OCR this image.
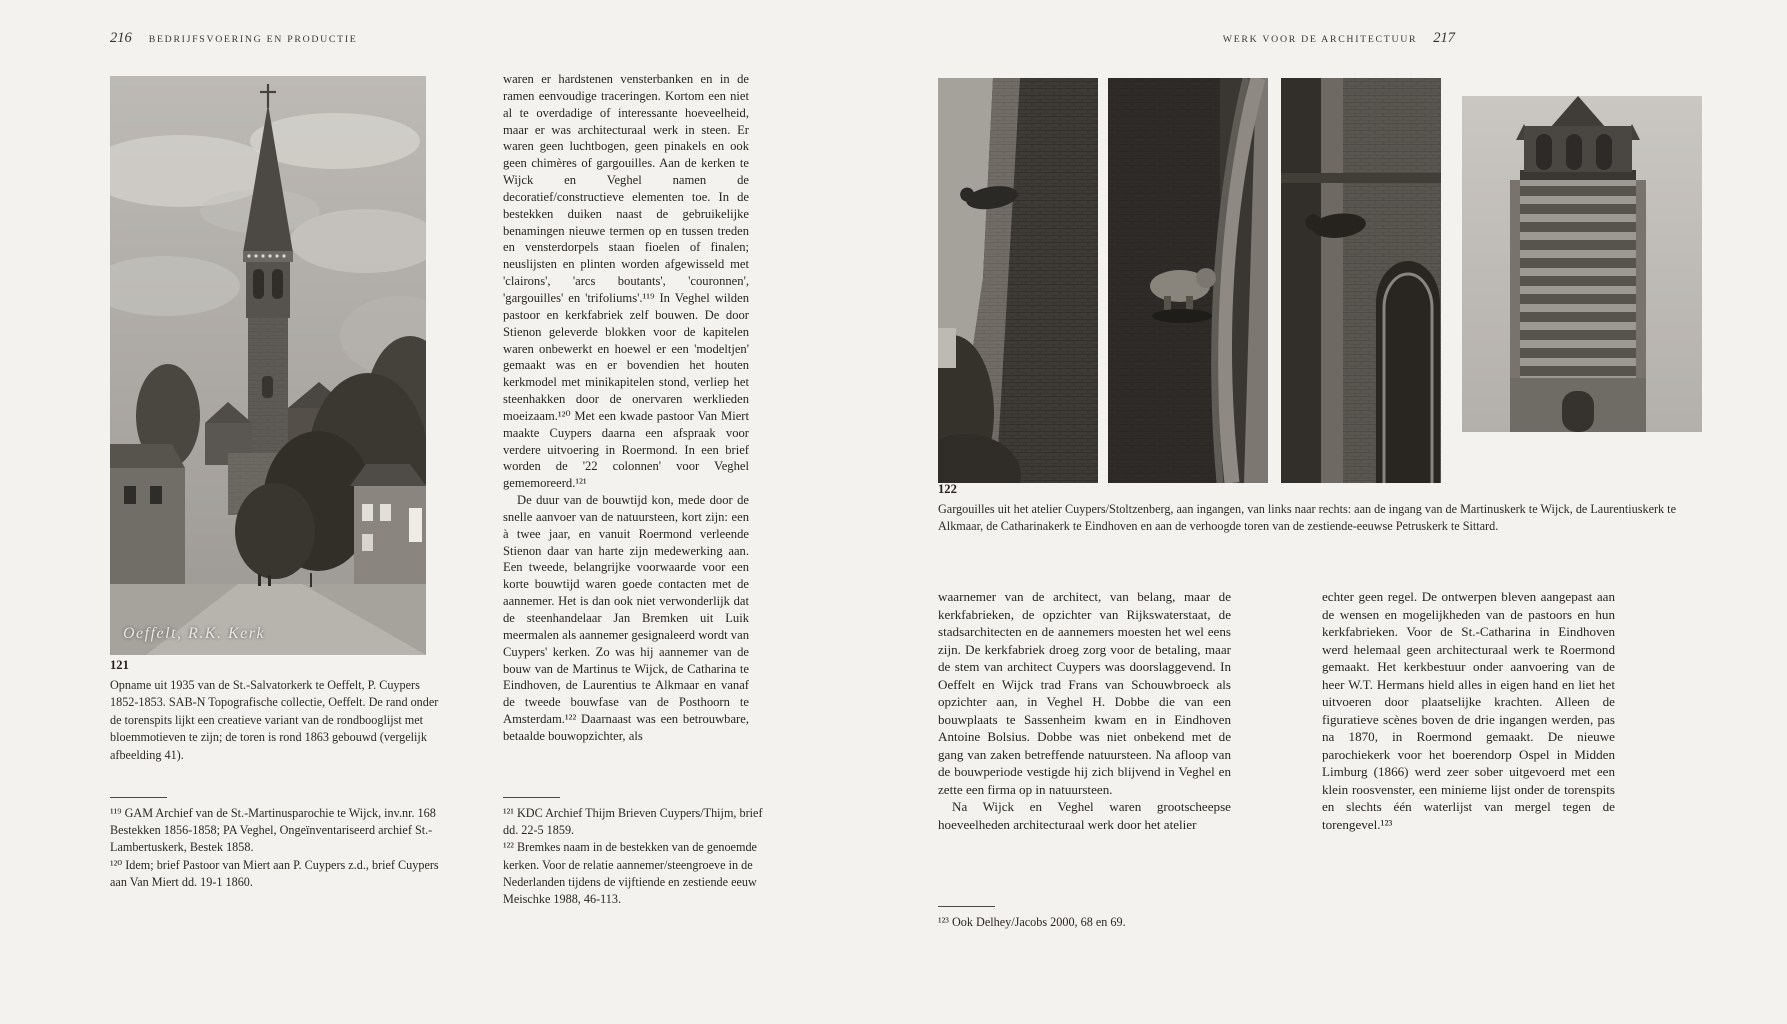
216 BEDRIJFSVOERING EN PRODUCTIE	WERK VOOR DE ARCHITECTUUR 217
Oeffelt, R.K. Kerk
121
Opname uit 1935 van de St.-Salvatorkerk te Oeffelt, P. Cuypers 1852-1853. SAB-N Topografische collectie, Oeffelt. De rand onder de torenspits lijkt een creatieve variant van de rondbooglijst met bloemmotieven te zijn; de toren is rond 1863 gebouwd (vergelijk afbeelding 41).

waren er hardstenen vensterbanken en in de ramen eenvoudige traceringen. Kortom een niet al te overdadige of interessante hoeveelheid, maar er was architecturaal werk in steen. Er waren geen luchtbogen, geen pinakels en ook geen chimères of gargouilles. Aan de kerken te Wijck en Veghel namen de decoratief/constructieve elementen toe. In de bestekken duiken naast de gebruikelijke benamingen nieuwe termen op en tussen treden en vensterdorpels staan fioelen of finalen; neuslijsten en plinten worden afgewisseld met 'clairons', 'arcs boutants', 'couronnen', 'gargouilles' en 'trifoliums'.¹¹⁹ In Veghel wilden pastoor en kerkfabriek zelf bouwen. De door Stienon geleverde blokken voor de kapitelen waren onbewerkt en hoewel er een 'modeltjen' gemaakt was en er bovendien het houten kerkmodel met minikapitelen stond, verliep het steenhakken door de onervaren werklieden moeizaam.¹²⁰ Met een kwade pastoor Van Miert maakte Cuypers daarna een afspraak voor verdere uitvoering in Roermond. In een brief worden de '22 colonnen' voor Veghel gememoreerd.¹²¹

De duur van de bouwtijd kon, mede door de snelle aanvoer van de natuursteen, kort zijn: een à twee jaar, en vanuit Roermond verleende Stienon daar van harte zijn medewerking aan. Een tweede, belangrijke voorwaarde voor een korte bouwtijd waren goede contacten met de aannemer. Het is dan ook niet verwonderlijk dat de steenhandelaar Jan Bremken uit Luik meermalen als aannemer gesignaleerd wordt van Cuypers' kerken. Zo was hij aannemer van de bouw van de Martinus te Wijck, de Catharina te Eindhoven, de Laurentius te Alkmaar en vanaf de tweede bouwfase van de Posthoorn te Amsterdam.¹²² Daarnaast was een betrouwbare, betaalde bouwopzichter, als

¹¹⁹ GAM Archief van de St.-Martinusparochie te Wijck, inv.nr. 168 Bestekken 1856-1858; PA Veghel, Ongeïnventariseerd archief St.-Lambertuskerk, Bestek 1858.

¹²⁰ Idem; brief Pastoor van Miert aan P. Cuypers z.d., brief Cuypers aan Van Miert dd. 19-1 1860.

¹²¹ KDC Archief Thijm Brieven Cuypers/Thijm, brief dd. 22-5 1859.

¹²² Bremkes naam in de bestekken van de genoemde kerken. Voor de relatie aannemer/steengroeve in de Nederlanden tijdens de vijftiende en zestiende eeuw Meischke 1988, 46-113.

122
Gargouilles uit het atelier Cuypers/Stoltzenberg, aan ingangen, van links naar rechts: aan de ingang van de Martinuskerk te Wijck, de Laurentiuskerk te Alkmaar, de Catharinakerk te Eindhoven en aan de verhoogde toren van de zestiende-eeuwse Petruskerk te Sittard.

waarnemer van de architect, van belang, maar de kerkfabrieken, de opzichter van Rijkswaterstaat, de stadsarchitecten en de aannemers moesten het wel eens zijn. De kerkfabriek droeg zorg voor de betaling, maar de stem van architect Cuypers was doorslaggevend. In Oeffelt en Wijck trad Frans van Schouwbroeck als opzichter aan, in Veghel H. Dobbe die van een bouwplaats te Sassenheim kwam en in Eindhoven Antoine Bolsius. Dobbe was niet onbekend met de gang van zaken betreffende natuursteen. Na afloop van de bouwperiode vestigde hij zich blijvend in Veghel en zette een firma op in natuursteen.

Na Wijck en Veghel waren grootscheepse hoeveelheden architecturaal werk door het atelier

echter geen regel. De ontwerpen bleven aangepast aan de wensen en mogelijkheden van de pastoors en hun kerkfabrieken. Voor de St.-Catharina in Eindhoven werd helemaal geen architecturaal werk te Roermond gemaakt. Het kerkbestuur onder aanvoering van de heer W.T. Hermans hield alles in eigen hand en liet het uitvoeren door plaatselijke krachten. Alleen de figuratieve scènes boven de drie ingangen werden, pas na 1870, in Roermond gemaakt. De nieuwe parochiekerk voor het boerendorp Ospel in Midden Limburg (1866) werd zeer sober uitgevoerd met een klein roosvenster, een minieme lijst onder de torenspits en slechts één waterlijst van mergel tegen de torengevel.¹²³

¹²³ Ook Delhey/Jacobs 2000, 68 en 69.
